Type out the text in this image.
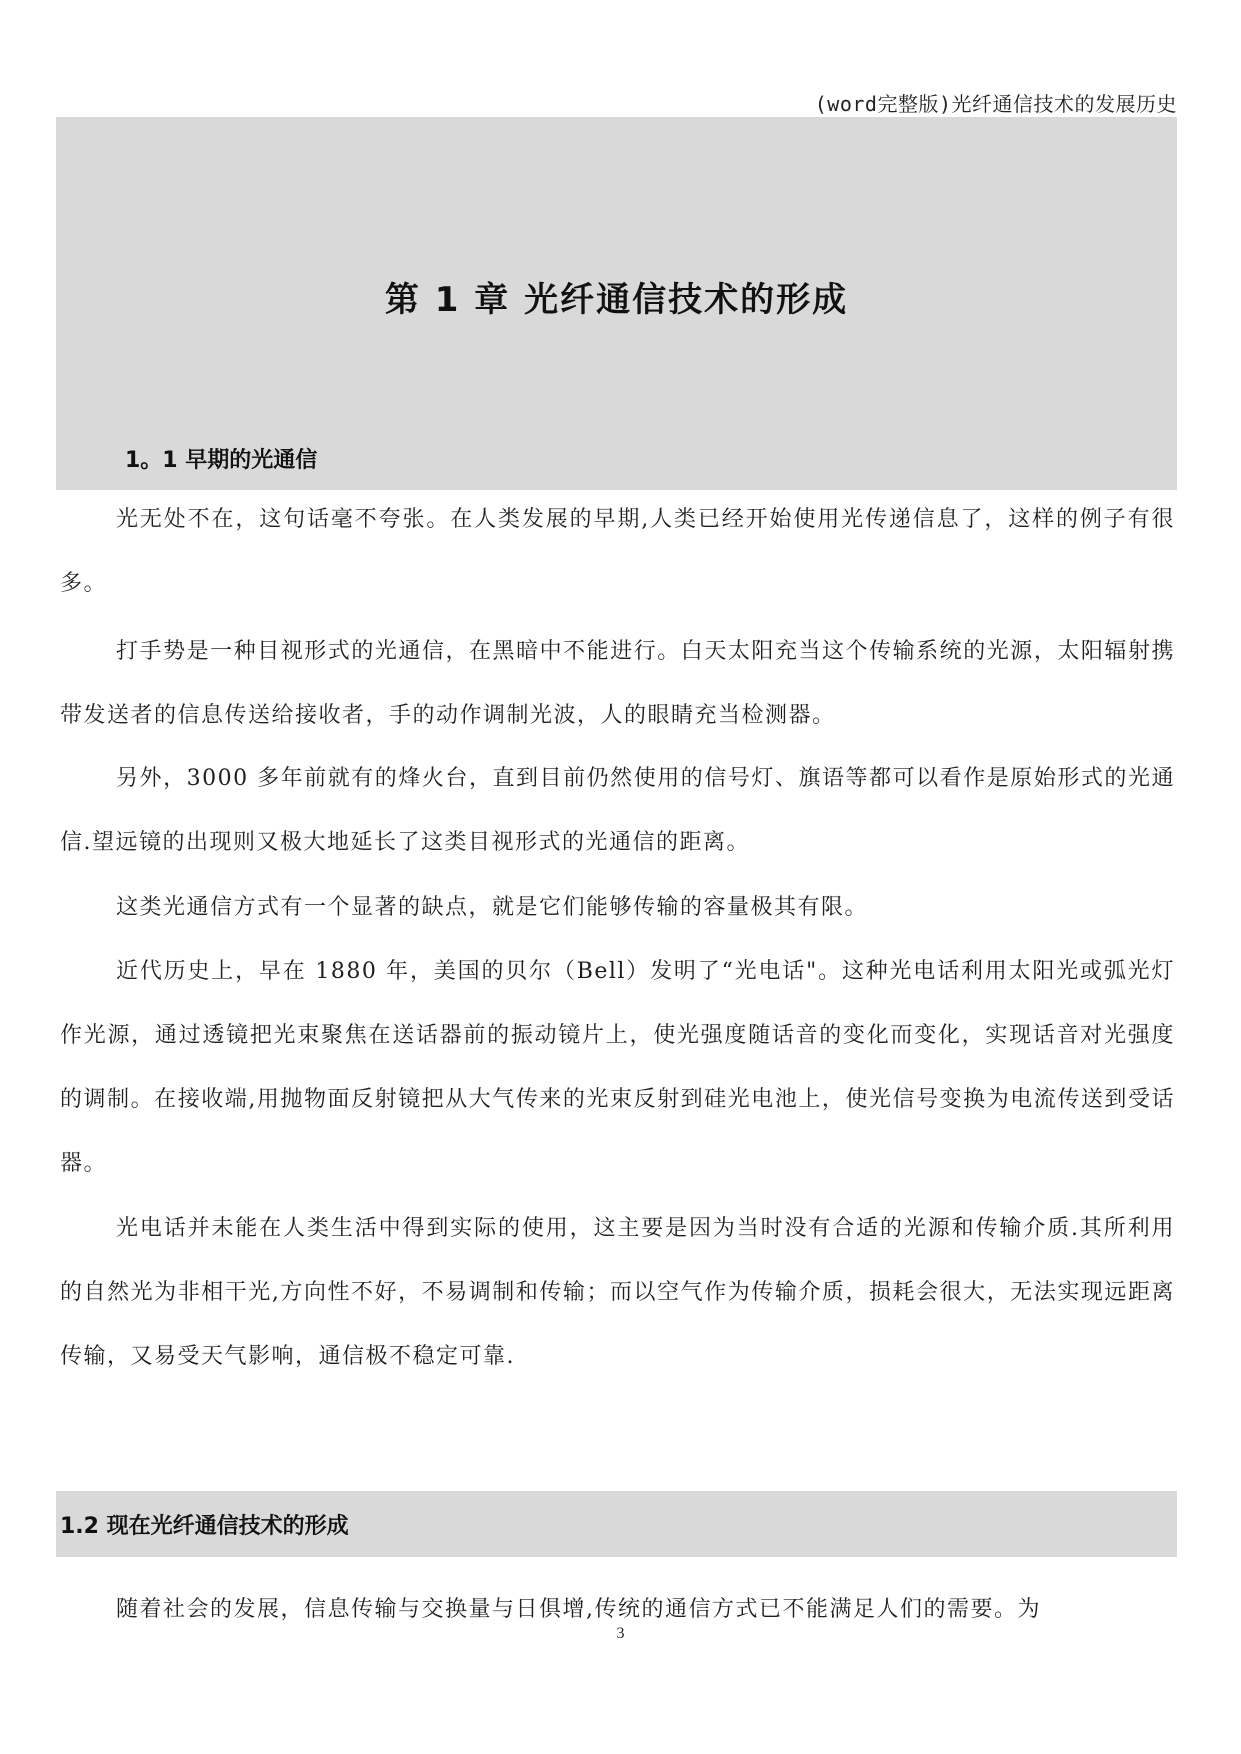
(word完整版)光纤通信技术的发展历史
第 1 章 光纤通信技术的形成
1。1 早期的光通信

光无处不在，这句话毫不夸张。在人类发展的早期,人类已经开始使用光传递信息了，这样的例子有很多。

打手势是一种目视形式的光通信，在黑暗中不能进行。白天太阳充当这个传输系统的光源，太阳辐射携带发送者的信息传送给接收者，手的动作调制光波，人的眼睛充当检测器。

另外，3000 多年前就有的烽火台，直到目前仍然使用的信号灯、旗语等都可以看作是原始形式的光通信.望远镜的出现则又极大地延长了这类目视形式的光通信的距离。

这类光通信方式有一个显著的缺点，就是它们能够传输的容量极其有限。

近代历史上，早在 1880 年，美国的贝尔（Bell）发明了“光电话"。这种光电话利用太阳光或弧光灯作光源，通过透镜把光束聚焦在送话器前的振动镜片上，使光强度随话音的变化而变化，实现话音对光强度的调制。在接收端,用抛物面反射镜把从大气传来的光束反射到硅光电池上，使光信号变换为电流传送到受话器。

光电话并未能在人类生活中得到实际的使用，这主要是因为当时没有合适的光源和传输介质.其所利用的自然光为非相干光,方向性不好，不易调制和传输；而以空气作为传输介质，损耗会很大，无法实现远距离传输，又易受天气影响，通信极不稳定可靠.

1.2 现在光纤通信技术的形成

随着社会的发展，信息传输与交换量与日俱增,传统的通信方式已不能满足人们的需要。为

3
